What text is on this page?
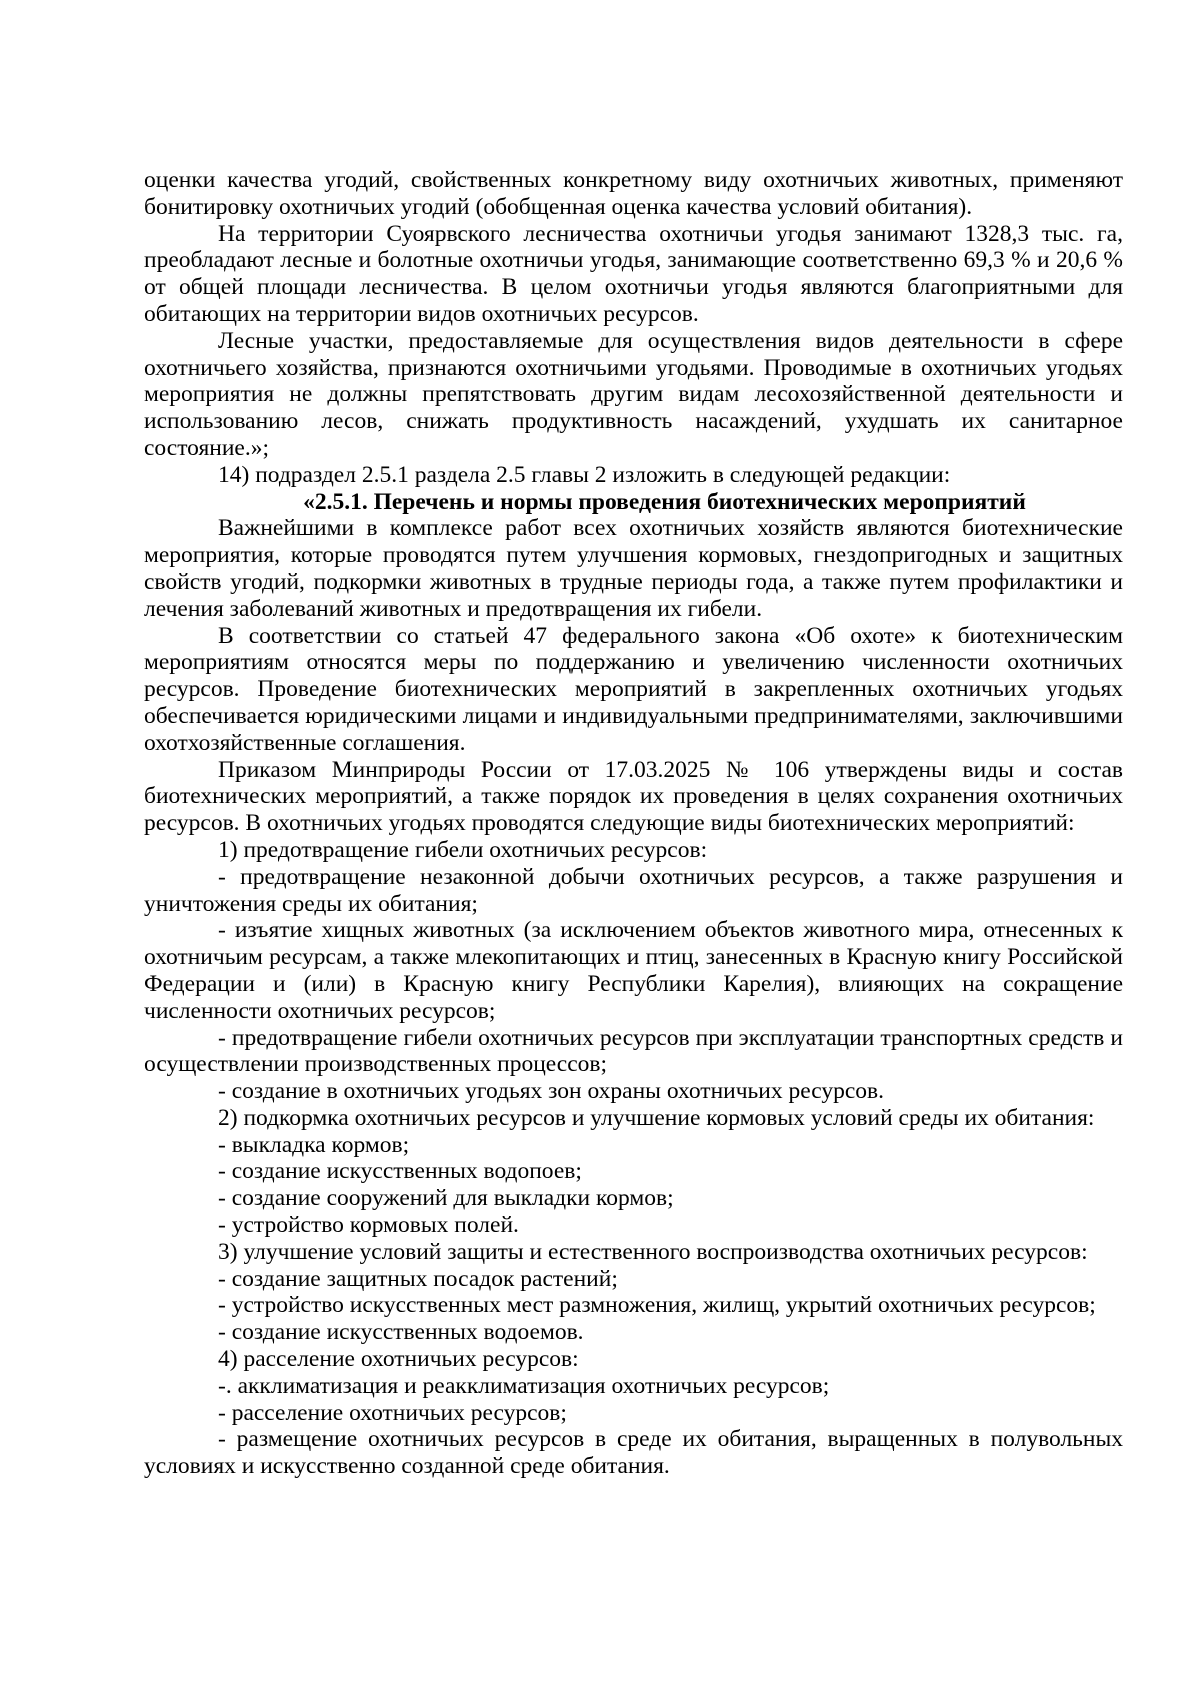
оценки качества угодий, свойственных конкретному виду охотничьих животных, применяют бонитировку охотничьих угодий (обобщенная оценка качества условий обитания).

На территории Суоярвского лесничества охотничьи угодья занимают 1328,3 тыс. га, преобладают лесные и болотные охотничьи угодья, занимающие соответственно 69,3 % и 20,6 % от общей площади лесничества. В целом охотничьи угодья являются благоприятными для обитающих на территории видов охотничьих ресурсов.

Лесные участки, предоставляемые для осуществления видов деятельности в сфере охотничьего хозяйства, признаются охотничьими угодьями. Проводимые в охотничьих угодьях мероприятия не должны препятствовать другим видам лесохозяйственной деятельности и использованию лесов, снижать продуктивность насаждений, ухудшать их санитарное состояние.»;

14) подраздел 2.5.1 раздела 2.5 главы 2 изложить в следующей редакции:

«2.5.1. Перечень и нормы проведения биотехнических мероприятий

Важнейшими в комплексе работ всех охотничьих хозяйств являются биотехнические мероприятия, которые проводятся путем улучшения кормовых, гнездопригодных и защитных свойств угодий, подкормки животных в трудные периоды года, а также путем профилактики и лечения заболеваний животных и предотвращения их гибели.

В соответствии со статьей 47 федерального закона «Об охоте» к биотехническим мероприятиям относятся меры по поддержанию и увеличению численности охотничьих ресурсов. Проведение биотехнических мероприятий в закрепленных охотничьих угодьях обеспечивается юридическими лицами и индивидуальными предпринимателями, заключившими охотхозяйственные соглашения.

Приказом Минприроды России от 17.03.2025 № 106 утверждены виды и состав биотехнических мероприятий, а также порядок их проведения в целях сохранения охотничьих ресурсов. В охотничьих угодьях проводятся следующие виды биотехнических мероприятий:

1) предотвращение гибели охотничьих ресурсов:

- предотвращение незаконной добычи охотничьих ресурсов, а также разрушения и уничтожения среды их обитания;

- изъятие хищных животных (за исключением объектов животного мира, отнесенных к охотничьим ресурсам, а также млекопитающих и птиц, занесенных в Красную книгу Российской Федерации и (или) в Красную книгу Республики Карелия), влияющих на сокращение численности охотничьих ресурсов;

- предотвращение гибели охотничьих ресурсов при эксплуатации транспортных средств и осуществлении производственных процессов;

- создание в охотничьих угодьях зон охраны охотничьих ресурсов.

2) подкормка охотничьих ресурсов и улучшение кормовых условий среды их обитания:

- выкладка кормов;

- создание искусственных водопоев;

- создание сооружений для выкладки кормов;

- устройство кормовых полей.

3) улучшение условий защиты и естественного воспроизводства охотничьих ресурсов:

- создание защитных посадок растений;

- устройство искусственных мест размножения, жилищ, укрытий охотничьих ресурсов;

- создание искусственных водоемов.

4) расселение охотничьих ресурсов:

-. акклиматизация и реакклиматизация охотничьих ресурсов;

- расселение охотничьих ресурсов;

- размещение охотничьих ресурсов в среде их обитания, выращенных в полувольных условиях и искусственно созданной среде обитания.
